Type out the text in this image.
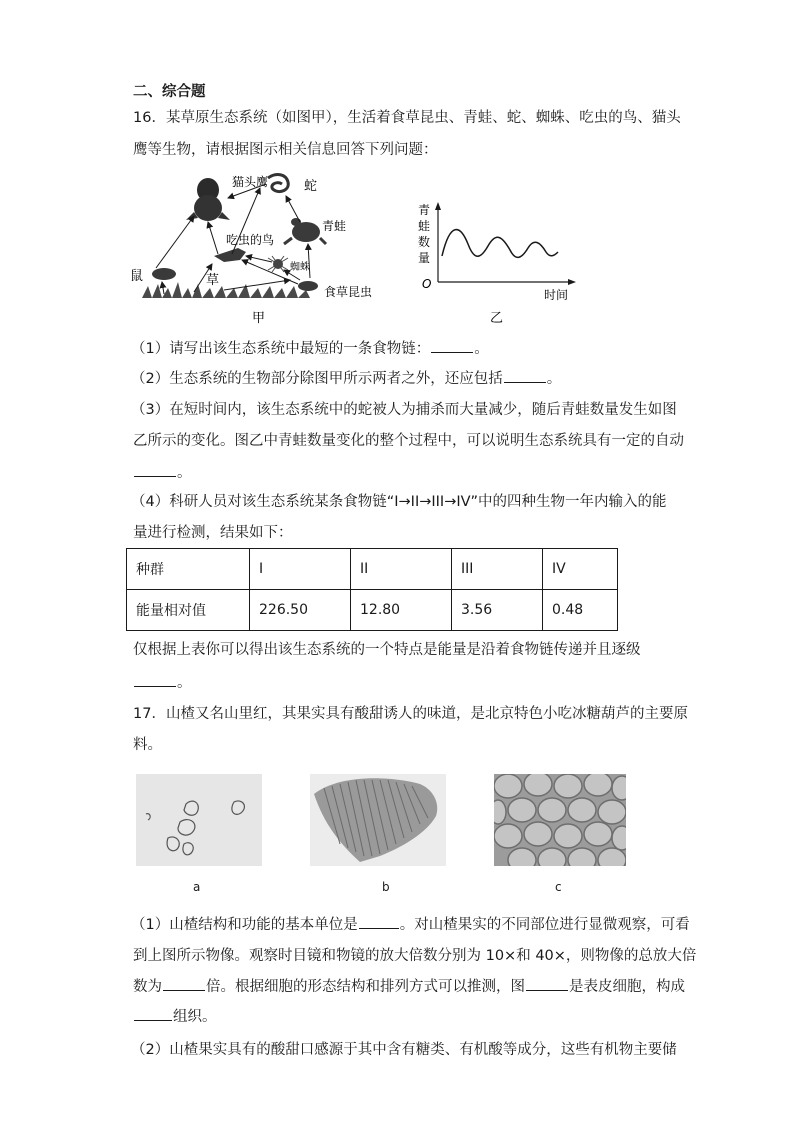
二、综合题
16．某草原生态系统（如图甲），生活着食草昆虫、青蛙、蛇、蜘蛛、吃虫的鸟、猫头
鹰等生物，请根据图示相关信息回答下列问题：
猫头鹰	蛇
青蛙
吃虫的鸟
蜘蛛
鼠	草
食草昆虫
甲
青
蛙
数
量
O
时间
乙
（1）请写出该生态系统中最短的一条食物链：	。
（2）生态系统的生物部分除图甲所示两者之外，还应包括	。
（3）在短时间内，该生态系统中的蛇被人为捕杀而大量减少，随后青蛙数量发生如图
乙所示的变化。图乙中青蛙数量变化的整个过程中，可以说明生态系统具有一定的自动
。
（4）科研人员对该生态系统某条食物链“I→II→III→IV”中的四种生物一年内输入的能
量进行检测，结果如下：
种群	I	II	III	IV
能量相对值	226.50	12.80	3.56	0.48
仅根据上表你可以得出该生态系统的一个特点是能量是沿着食物链传递并且逐级
。
17．山楂又名山里红，其果实具有酸甜诱人的味道，是北京特色小吃冰糖葫芦的主要原
料。
a	b	c
（1）山楂结构和功能的基本单位是	。对山楂果实的不同部位进行显微观察，可看
到上图所示物像。观察时目镜和物镜的放大倍数分别为 10×和 40×，则物像的总放大倍
数为	倍。根据细胞的形态结构和排列方式可以推测，图	是表皮细胞，构成
组织。
（2）山楂果实具有的酸甜口感源于其中含有糖类、有机酸等成分，这些有机物主要储
